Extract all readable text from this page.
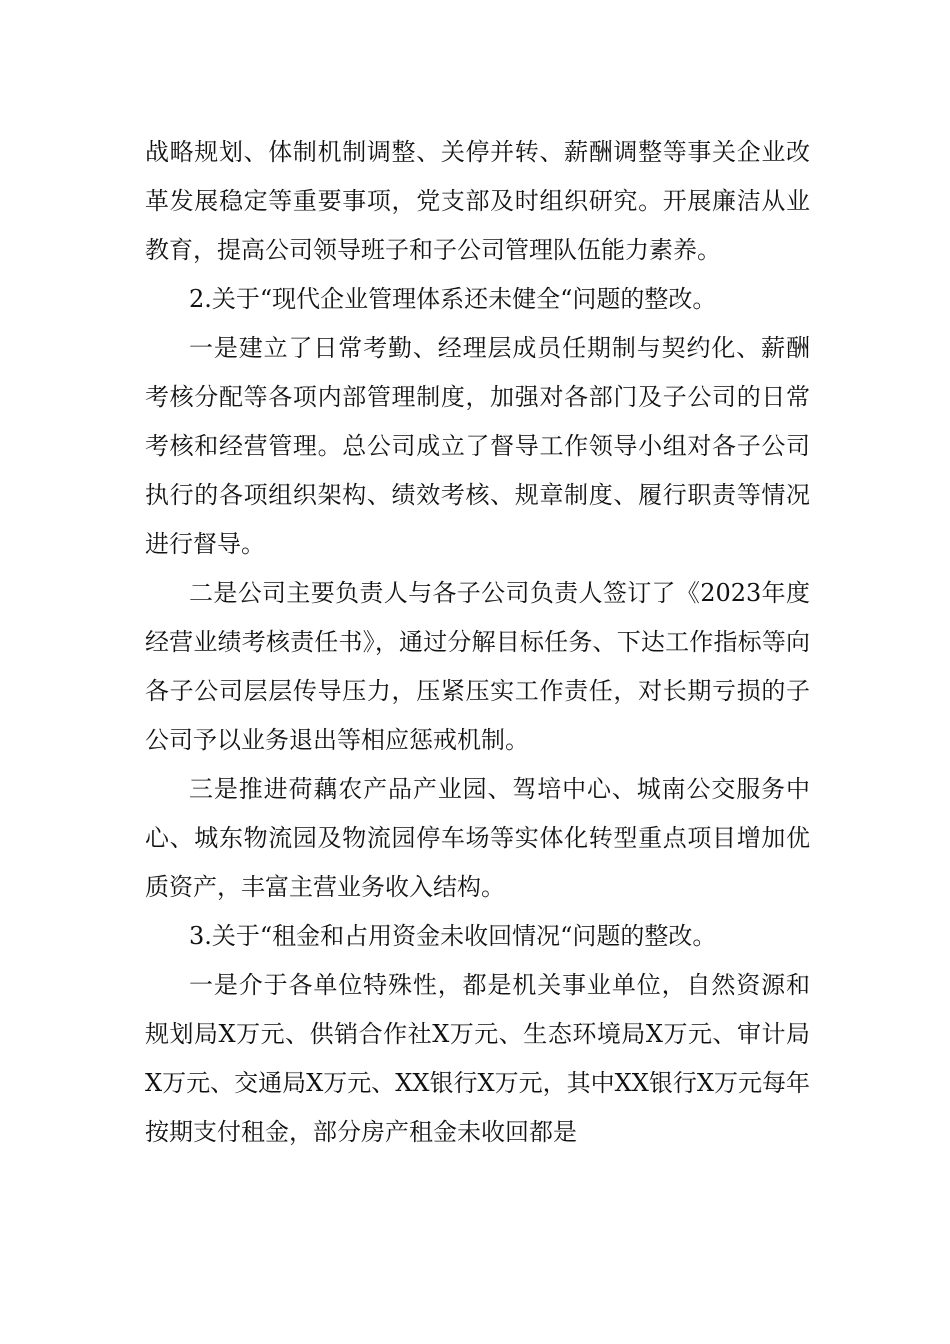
战略规划、体制机制调整、关停并转、薪酬调整等事关企业改革发展稳定等重要事项，党支部及时组织研究。开展廉洁从业教育，提高公司领导班子和子公司管理队伍能力素养。

2.关于“现代企业管理体系还未健全“问题的整改。

一是建立了日常考勤、经理层成员任期制与契约化、薪酬考核分配等各项内部管理制度，加强对各部门及子公司的日常考核和经营管理。总公司成立了督导工作领导小组对各子公司执行的各项组织架构、绩效考核、规章制度、履行职责等情况进行督导。

二是公司主要负责人与各子公司负责人签订了《2023年度经营业绩考核责任书》，通过分解目标任务、下达工作指标等向各子公司层层传导压力，压紧压实工作责任，对长期亏损的子公司予以业务退出等相应惩戒机制。

三是推进荷藕农产品产业园、驾培中心、城南公交服务中心、城东物流园及物流园停车场等实体化转型重点项目增加优质资产，丰富主营业务收入结构。

3.关于“租金和占用资金未收回情况“问题的整改。

一是介于各单位特殊性，都是机关事业单位，自然资源和规划局X万元、供销合作社X万元、生态环境局X万元、审计局X万元、交通局X万元、XX银行X万元，其中XX银行X万元每年按期支付租金，部分房产租金未收回都是
